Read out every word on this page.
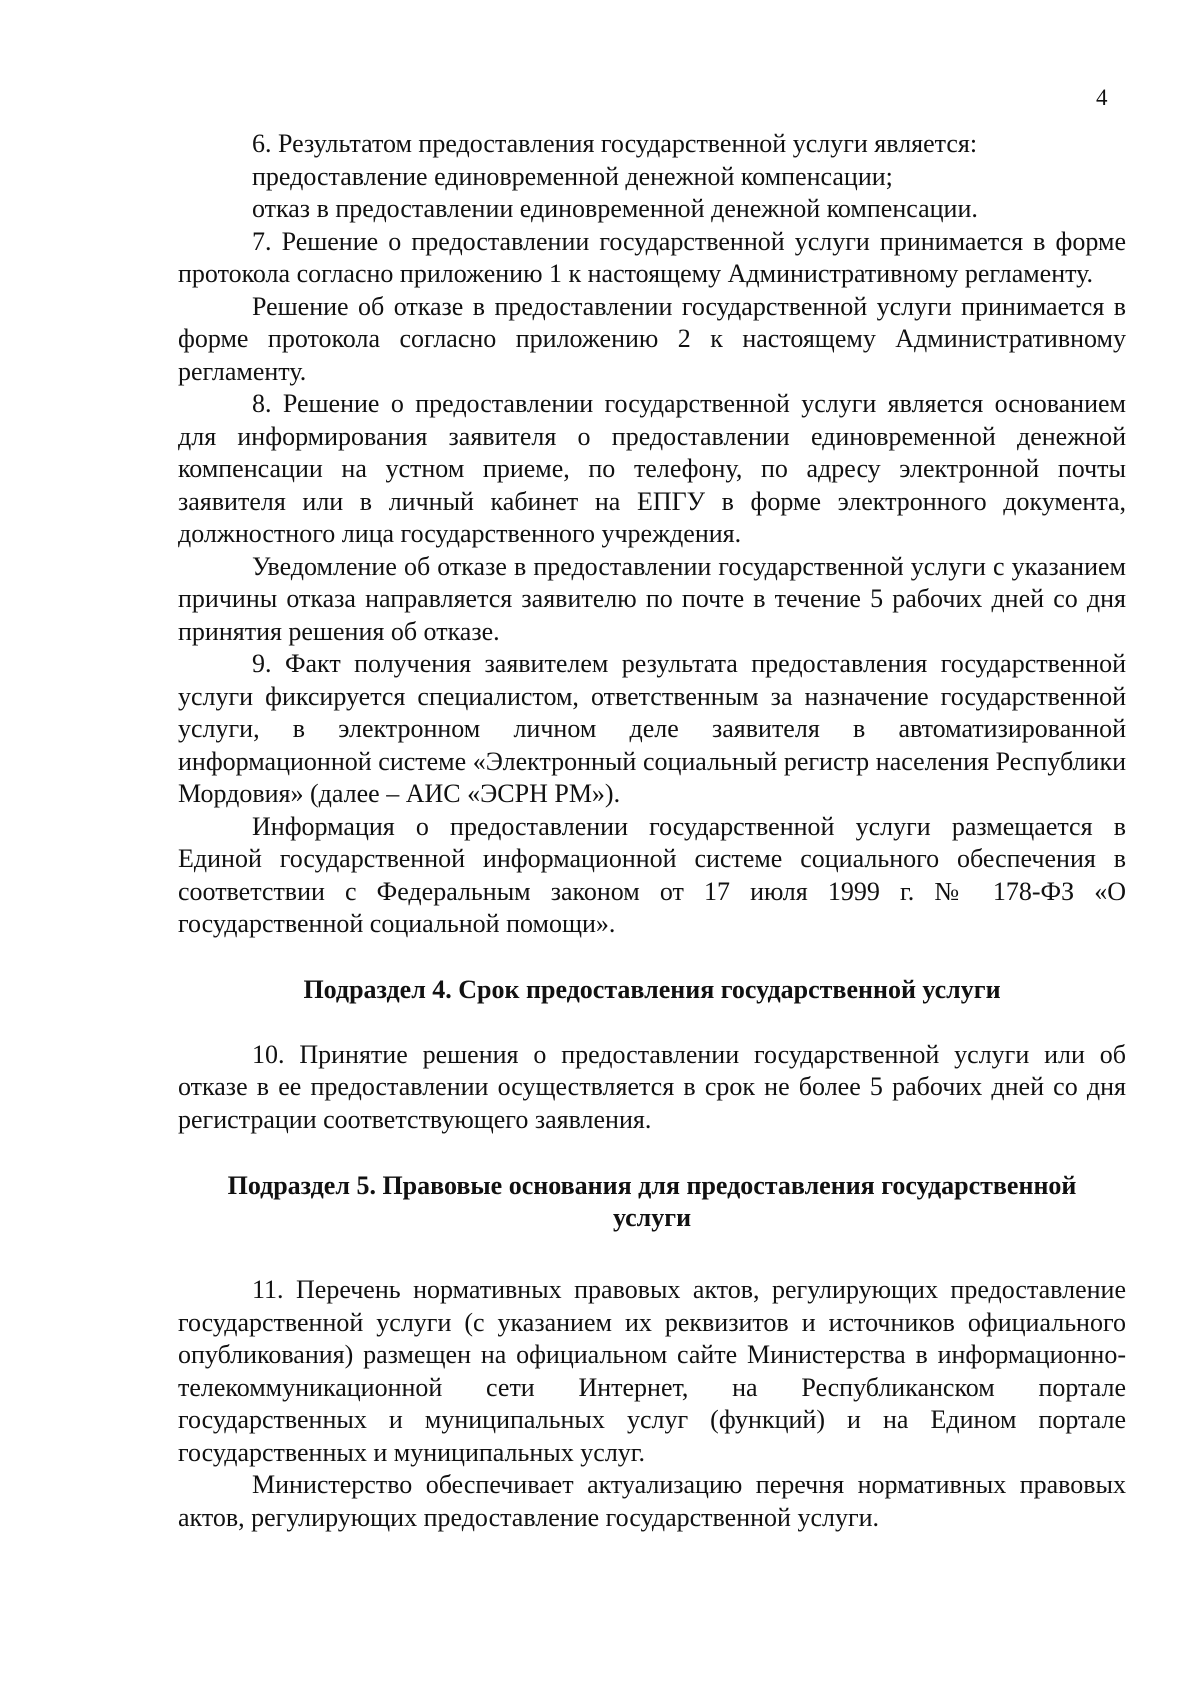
4

6. Результатом предоставления государственной услуги является:

предоставление единовременной денежной компенсации;

отказ в предоставлении единовременной денежной компенсации.

7. Решение о предоставлении государственной услуги принимается в форме протокола согласно приложению 1 к настоящему Административному регламенту.

Решение об отказе в предоставлении государственной услуги принимается в форме протокола согласно приложению 2 к настоящему Административному регламенту.

8. Решение о предоставлении государственной услуги является основанием для информирования заявителя о предоставлении единовременной денежной компенсации на устном приеме, по телефону, по адресу электронной почты заявителя или в личный кабинет на ЕПГУ в форме электронного документа, должностного лица государственного учреждения.

Уведомление об отказе в предоставлении государственной услуги с указанием причины отказа направляется заявителю по почте в течение 5 рабочих дней со дня принятия решения об отказе.

9. Факт получения заявителем результата предоставления государственной услуги фиксируется специалистом, ответственным за назначение государственной услуги, в электронном личном деле заявителя в автоматизированной информационной системе «Электронный социальный регистр населения Республики Мордовия» (далее – АИС «ЭСРН РМ»).

Информация о предоставлении государственной услуги размещается в Единой государственной информационной системе социального обеспечения в соответствии с Федеральным законом от 17 июля 1999 г. № 178-ФЗ «О государственной социальной помощи».

Подраздел 4. Срок предоставления государственной услуги

10. Принятие решения о предоставлении государственной услуги или об отказе в ее предоставлении осуществляется в срок не более 5 рабочих дней со дня регистрации соответствующего заявления.

Подраздел 5. Правовые основания для предоставления государственной услуги

11. Перечень нормативных правовых актов, регулирующих предоставление государственной услуги (с указанием их реквизитов и источников официального опубликования) размещен на официальном сайте Министерства в информационно-телекоммуникационной сети Интернет, на Республиканском портале государственных и муниципальных услуг (функций) и на Едином портале государственных и муниципальных услуг.

Министерство обеспечивает актуализацию перечня нормативных правовых актов, регулирующих предоставление государственной услуги.
